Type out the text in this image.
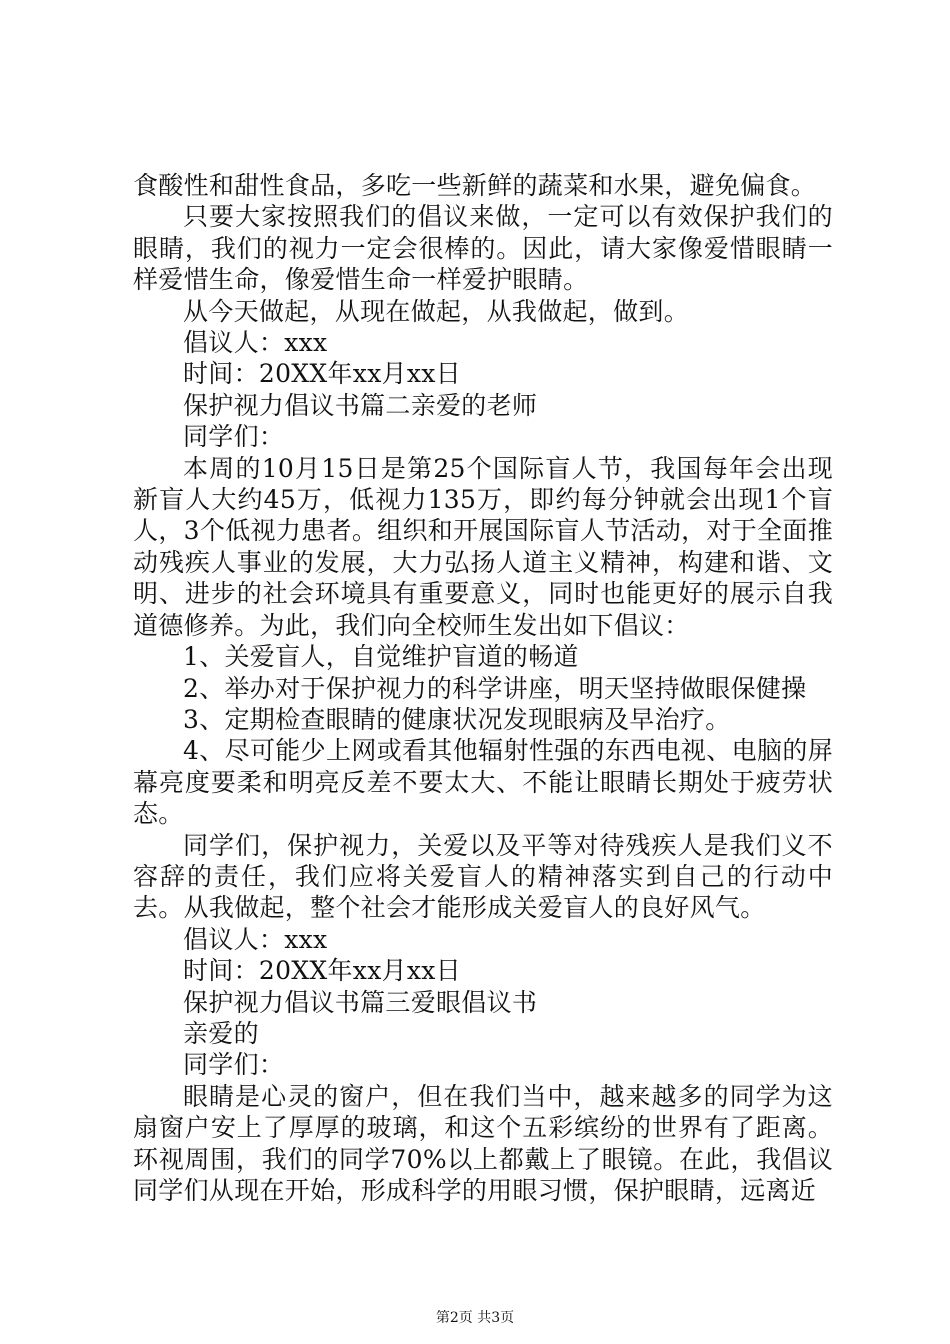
食酸性和甜性食品，多吃一些新鲜的蔬菜和水果，避免偏食。

只要大家按照我们的倡议来做，一定可以有效保护我们的眼睛，我们的视力一定会很棒的。因此，请大家像爱惜眼睛一样爱惜生命，像爱惜生命一样爱护眼睛。

从今天做起，从现在做起，从我做起，做到。

倡议人：xxx

时间：20XX年xx月xx日

保护视力倡议书篇二亲爱的老师

同学们：

本周的10月15日是第25个国际盲人节，我国每年会出现新盲人大约45万，低视力135万，即约每分钟就会出现1个盲人，3个低视力患者。组织和开展国际盲人节活动，对于全面推动残疾人事业的发展，大力弘扬人道主义精神，构建和谐、文明、进步的社会环境具有重要意义，同时也能更好的展示自我道德修养。为此，我们向全校师生发出如下倡议：

1、关爱盲人，自觉维护盲道的畅道

2、举办对于保护视力的科学讲座，明天坚持做眼保健操

3、定期检查眼睛的健康状况发现眼病及早治疗。

4、尽可能少上网或看其他辐射性强的东西电视、电脑的屏幕亮度要柔和明亮反差不要太大、不能让眼睛长期处于疲劳状态。

同学们，保护视力，关爱以及平等对待残疾人是我们义不容辞的责任，我们应将关爱盲人的精神落实到自己的行动中去。从我做起，整个社会才能形成关爱盲人的良好风气。

倡议人：xxx

时间：20XX年xx月xx日

保护视力倡议书篇三爱眼倡议书

亲爱的

同学们：

眼睛是心灵的窗户，但在我们当中，越来越多的同学为这扇窗户安上了厚厚的玻璃，和这个五彩缤纷的世界有了距离。环视周围，我们的同学70%以上都戴上了眼镜。在此，我倡议同学们从现在开始，形成科学的用眼习惯，保护眼睛，远离近

第2页 共3页
